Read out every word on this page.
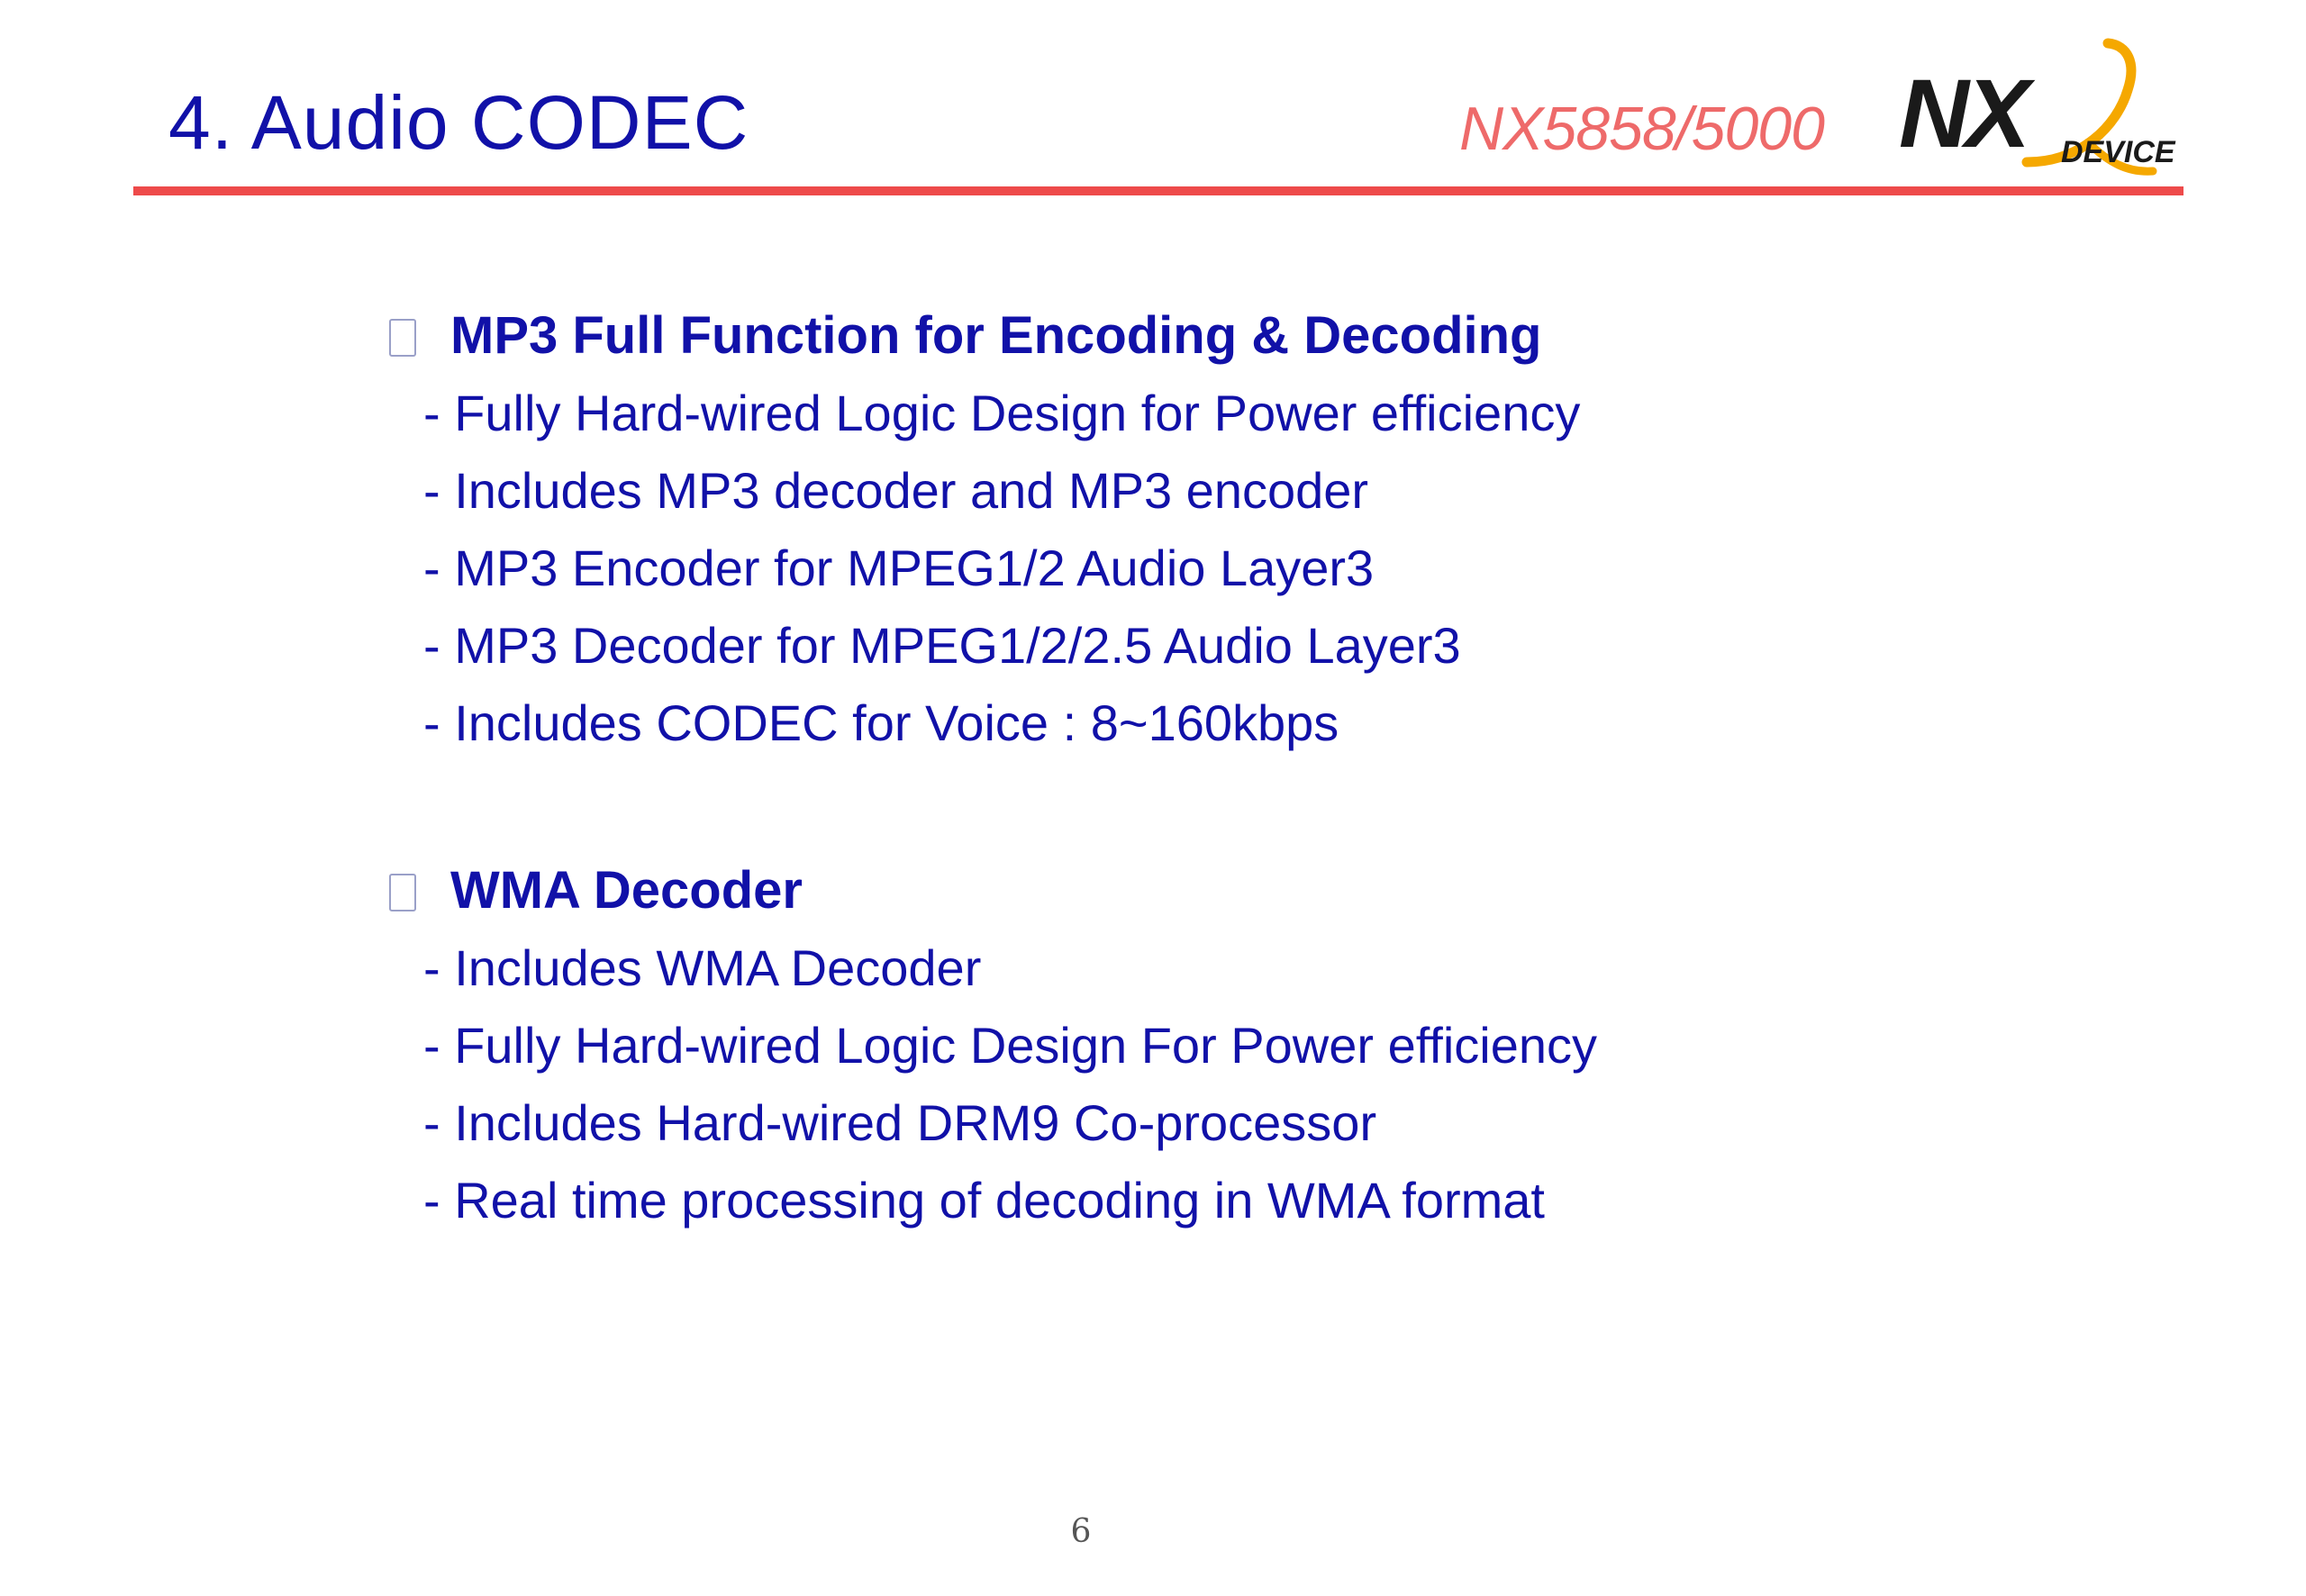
4. Audio CODEC	NX5858/5000 NX DEVICE
MP3 Full Function for Encoding & Decoding
- Fully Hard-wired Logic Design for Power efficiency
- Includes MP3 decoder and MP3 encoder
- MP3 Encoder for MPEG1/2 Audio Layer3
- MP3 Decoder for MPEG1/2/2.5 Audio Layer3
- Includes CODEC for Voice : 8~160kbps
WMA Decoder
- Includes WMA Decoder
- Fully Hard-wired Logic Design For Power efficiency
- Includes Hard-wired DRM9 Co-processor
- Real time processing of decoding in WMA format
6
